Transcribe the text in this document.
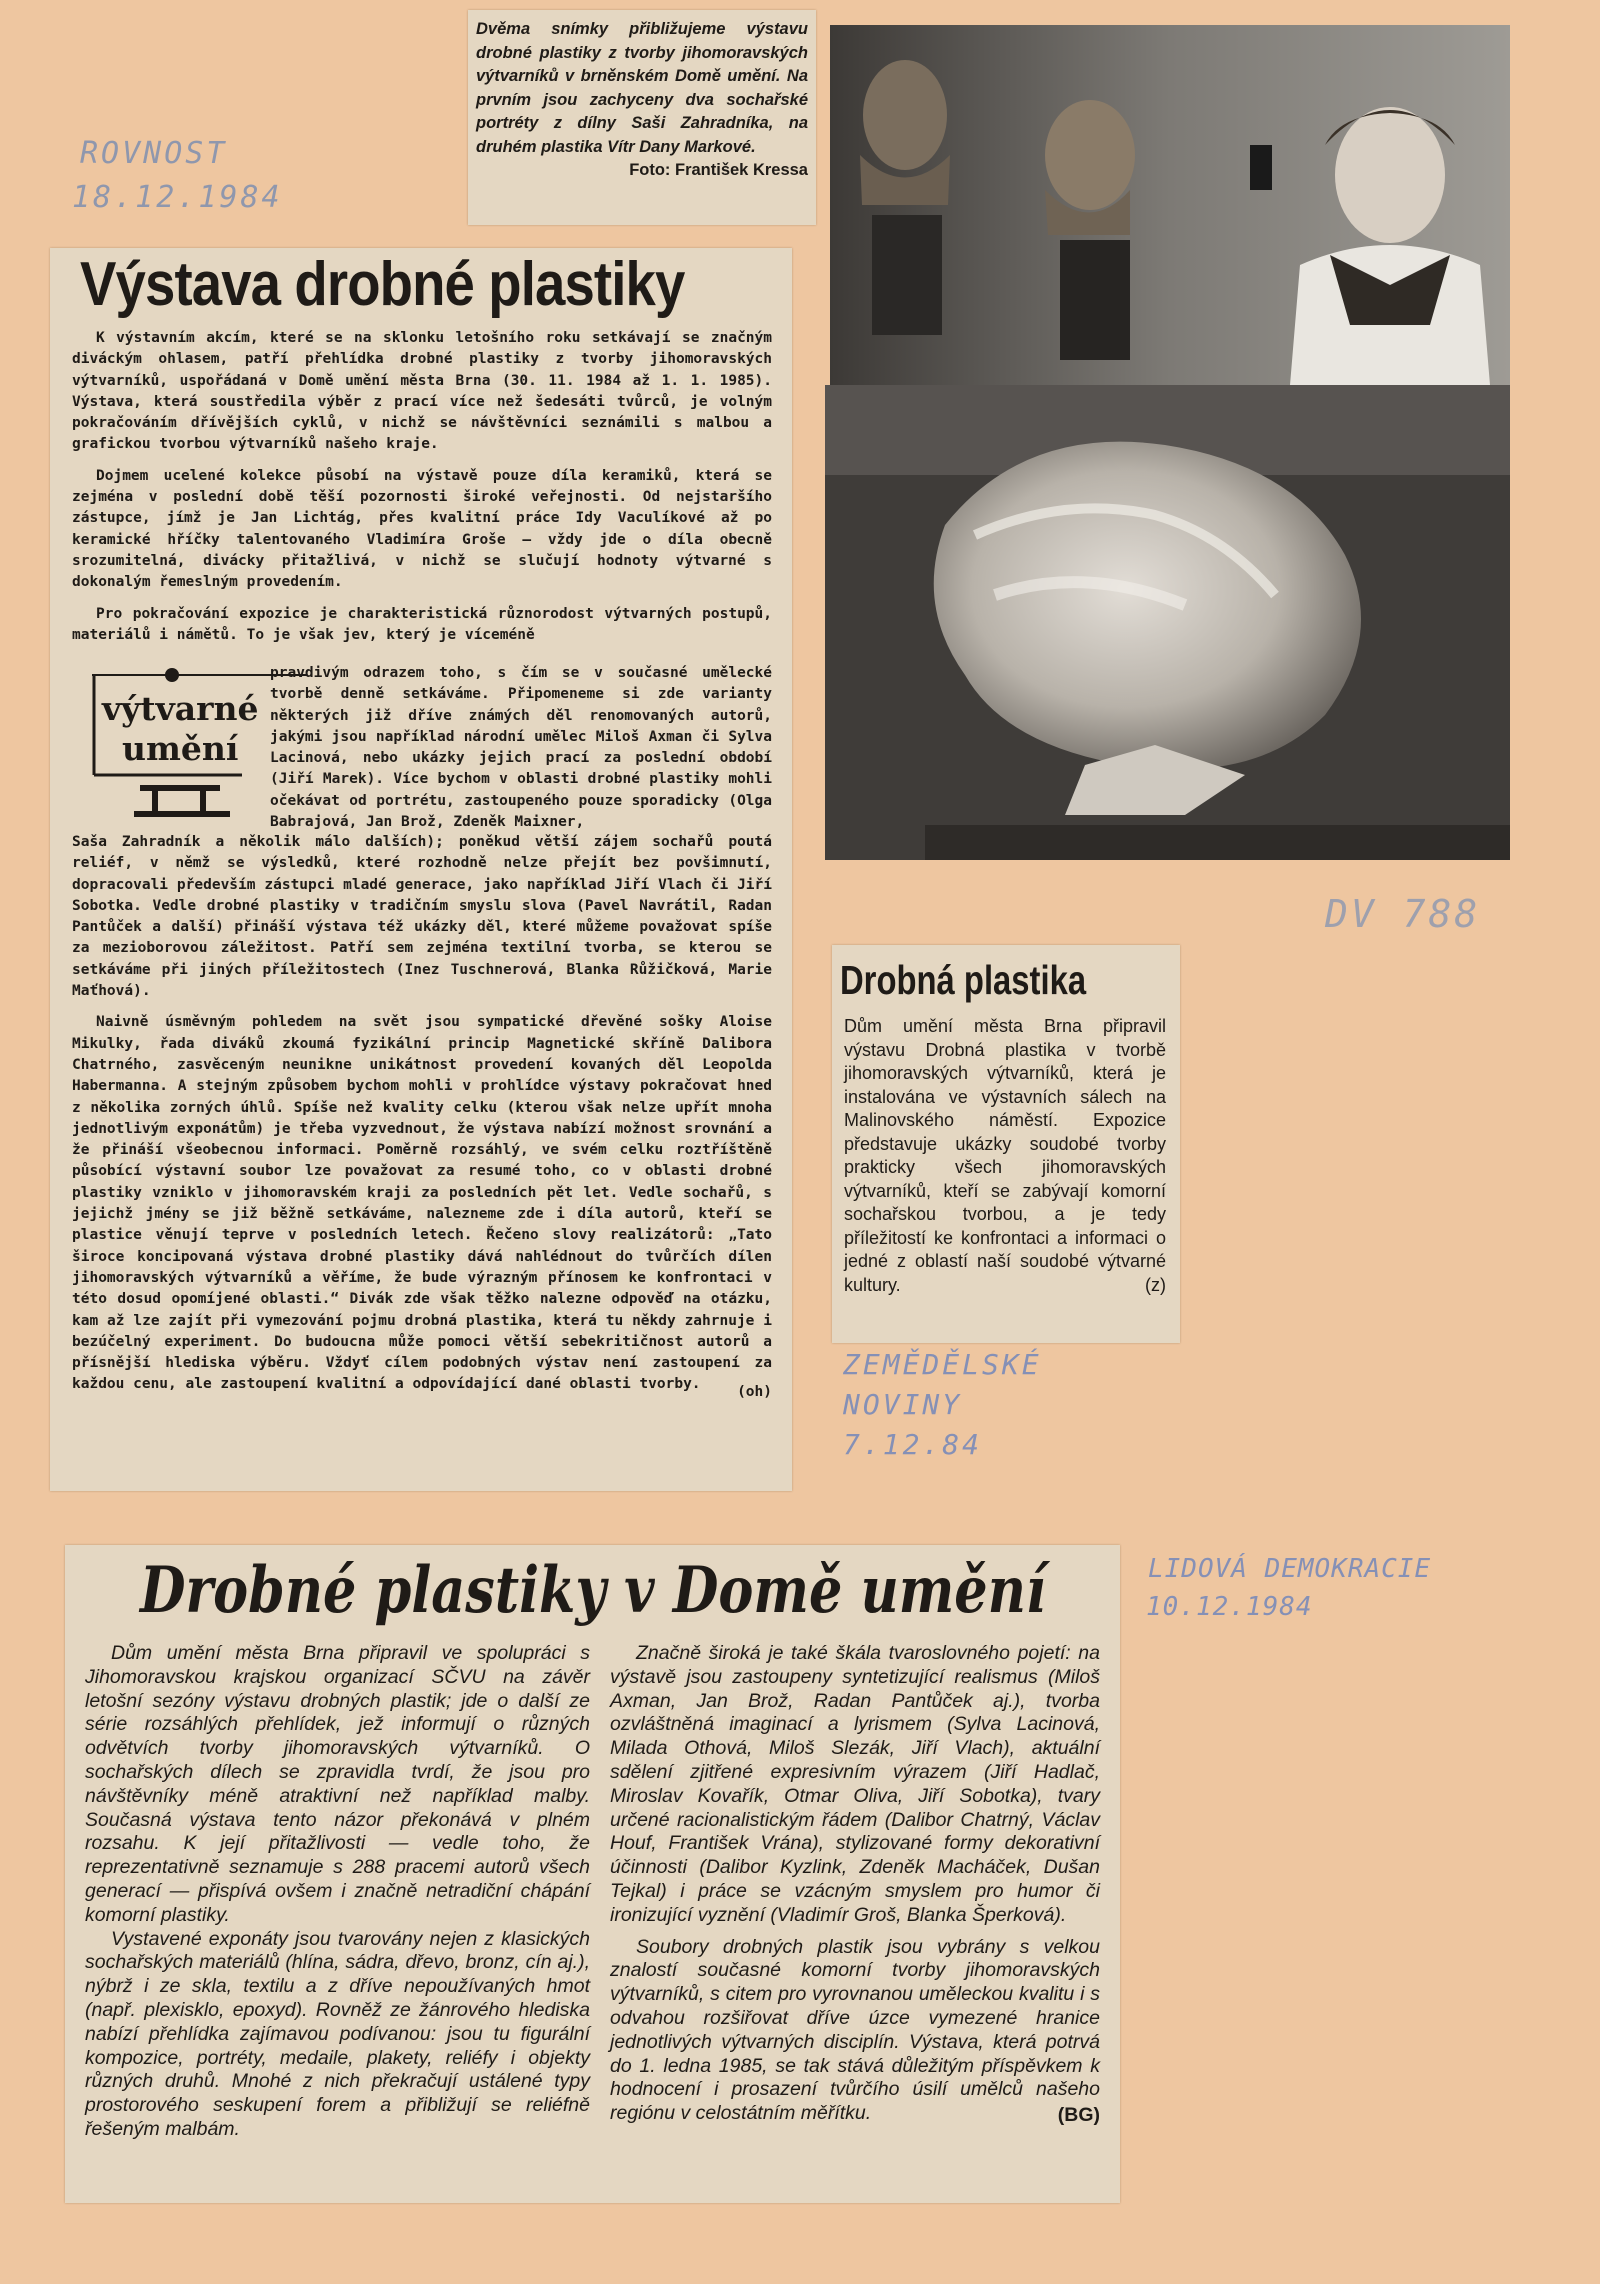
ROVNOST
18.12.1984
DV 788
ZEMĚDĚLSKÉ
NOVINY
7.12.84
LIDOVÁ DEMOKRACIE
10.12.1984
Dvěma snímky přibližujeme výstavu drobné plastiky z tvorby jihomoravských výtvarníků v brněnském Domě umění. Na prvním jsou zachyceny dva sochařské portréty z dílny Saši Zahradníka, na druhém plastika Vítr Dany Markové.
Foto: František Kressa
Výstava drobné plastiky

K výstavním akcím, které se na sklonku letošního roku setkávají se značným diváckým ohlasem, patří přehlídka drobné plastiky z tvorby jihomoravských výtvarníků, uspořádaná v Domě umění města Brna (30. 11. 1984 až 1. 1. 1985). Výstava, která soustředila výběr z prací více než šedesáti tvůrců, je volným pokračováním dřívějších cyklů, v nichž se návštěvníci seznámili s malbou a grafickou tvorbou výtvarníků našeho kraje.

Dojmem ucelené kolekce působí na výstavě pouze díla keramiků, která se zejména v poslední době těší pozornosti široké veřejnosti. Od nejstaršího zástupce, jímž je Jan Lichtág, přes kvalitní práce Idy Vaculíkové až po keramické hříčky talentovaného Vladimíra Groše — vždy jde o díla obecně srozumitelná, divácky přitažlivá, v nichž se slučují hodnoty výtvarné s dokonalým řemeslným provedením.

Pro pokračování expozice je charakteristická různorodost výtvarných postupů, materiálů i námětů. To je však jev, který je víceméně

výtvarné
umění

pravdivým odrazem toho, s čím se v současné umělecké tvorbě denně setkáváme. Připomeneme si zde varianty některých již dříve známých děl renomovaných autorů, jakými jsou například národní umělec Miloš Axman či Sylva Lacinová, nebo ukázky jejich prací za poslední období (Jiří Marek). Více bychom v oblasti drobné plastiky mohli očekávat od portrétu, zastoupeného pouze sporadicky (Olga Babrajová, Jan Brož, Zdeněk Maixner,

Saša Zahradník a několik málo dalších); poněkud větší zájem sochařů poutá reliéf, v němž se výsledků, které rozhodně nelze přejít bez povšimnutí, dopracovali především zástupci mladé generace, jako například Jiří Vlach či Jiří Sobotka. Vedle drobné plastiky v tradičním smyslu slova (Pavel Navrátil, Radan Pantůček a další) přináší výstava též ukázky děl, které můžeme považovat spíše za mezioborovou záležitost. Patří sem zejména textilní tvorba, se kterou se setkáváme při jiných příležitostech (Inez Tuschnerová, Blanka Růžičková, Marie Maťhová).

Naivně úsměvným pohledem na svět jsou sympatické dřevěné sošky Aloise Mikulky, řada diváků zkoumá fyzikální princip Magnetické skříně Dalibora Chatrného, zasvěceným neunikne unikátnost provedení kovaných děl Leopolda Habermanna. A stejným způsobem bychom mohli v prohlídce výstavy pokračovat hned z několika zorných úhlů. Spíše než kvality celku (kterou však nelze upřít mnoha jednotlivým exponátům) je třeba vyzvednout, že výstava nabízí možnost srovnání a že přináší všeobecnou informaci. Poměrně rozsáhlý, ve svém celku roztříštěně působící výstavní soubor lze považovat za resumé toho, co v oblasti drobné plastiky vzniklo v jihomoravském kraji za posledních pět let. Vedle sochařů, s jejichž jmény se již běžně setkáváme, nalezneme zde i díla autorů, kteří se plastice věnují teprve v posledních letech. Řečeno slovy realizátorů: „Tato široce koncipovaná výstava drobné plastiky dává nahlédnout do tvůrčích dílen jihomoravských výtvarníků a věříme, že bude výrazným přínosem ke konfrontaci v této dosud opomíjené oblasti.“ Divák zde však těžko nalezne odpověď na otázku, kam až lze zajít při vymezování pojmu drobná plastika, která tu někdy zahrnuje i bezúčelný experiment. Do budoucna může pomoci větší sebekritičnost autorů a přísnější hlediska výběru. Vždyť cílem podobných výstav není zastoupení za každou cenu, ale zastoupení kvalitní a odpovídající dané oblasti tvorby.	(oh)
Drobná plastika
Dům umění města Brna připravil výstavu Drobná plastika v tvorbě jihomoravských výtvarníků, která je instalována ve výstavních sálech na Malinovského náměstí. Expozice představuje ukázky soudobé tvorby prakticky všech jihomoravských výtvarníků, kteří se zabývají komorní sochařskou tvorbou, a je tedy příležitostí ke konfrontaci a informaci o jedné z oblastí naší soudobé výtvarné kultury.	(z)
Drobné plastiky v Domě umění

Dům umění města Brna připravil ve spolupráci s Jihomoravskou krajskou organizací SČVU na závěr letošní sezóny výstavu drobných plastik; jde o další ze série rozsáhlých přehlídek, jež informují o různých odvětvích tvorby jihomoravských výtvarníků. O sochařských dílech se zpravidla tvrdí, že jsou pro návštěvníky méně atraktivní než například malby. Současná výstava tento názor překonává v plném rozsahu. K její přitažlivosti — vedle toho, že reprezentativně seznamuje s 288 pracemi autorů všech generací — přispívá ovšem i značně netradiční chápání komorní plastiky.

Vystavené exponáty jsou tvarovány nejen z klasických sochařských materiálů (hlína, sádra, dřevo, bronz, cín aj.), nýbrž i ze skla, textilu a z dříve nepoužívaných hmot (např. plexisklo, epoxyd). Rovněž ze žánrového hlediska nabízí přehlídka zajímavou podívanou: jsou tu figurální kompozice, portréty, medaile, plakety, reliéfy i objekty různých druhů. Mnohé z nich překračují ustálené typy prostorového seskupení forem a přibližují se reliéfně řešeným malbám.

Značně široká je také škála tvaroslovného pojetí: na výstavě jsou zastoupeny syntetizující realismus (Miloš Axman, Jan Brož, Radan Pantůček aj.), tvorba ozvláštněná imaginací a lyrismem (Sylva Lacinová, Milada Othová, Miloš Slezák, Jiří Vlach), aktuální sdělení zjitřené expresivním výrazem (Jiří Hadlač, Miroslav Kovařík, Otmar Oliva, Jiří Sobotka), tvary určené racionalistickým řádem (Dalibor Chatrný, Václav Houf, František Vrána), stylizované formy dekorativní účinnosti (Dalibor Kyzlink, Zdeněk Macháček, Dušan Tejkal) i práce se vzácným smyslem pro humor či ironizující vyznění (Vladimír Groš, Blanka Šperková).

Soubory drobných plastik jsou vybrány s velkou znalostí současné komorní tvorby jihomoravských výtvarníků, s citem pro vyrovnanou uměleckou kvalitu i s odvahou rozšiřovat dříve úzce vymezené hranice jednotlivých výtvarných disciplín. Výstava, která potrvá do 1. ledna 1985, se tak stává důležitým příspěvkem k hodnocení i prosazení tvůrčího úsilí umělců našeho regiónu v celostátním měřítku.	(BG)
